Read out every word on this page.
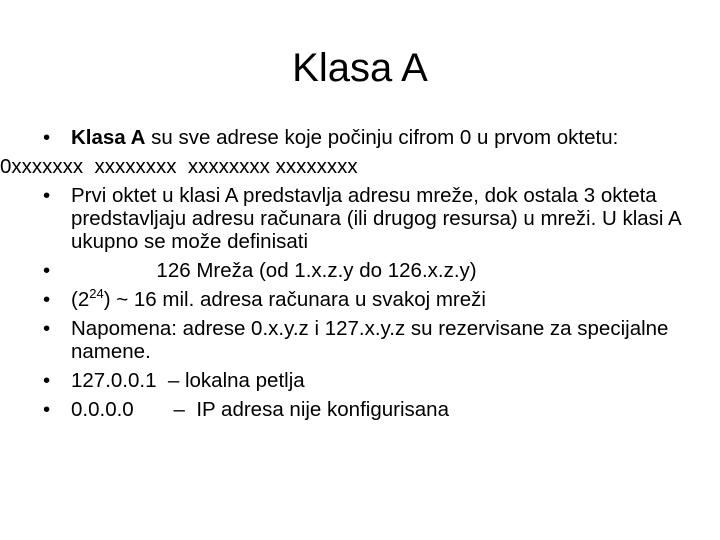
Klasa A
• Klasa A su sve adrese koje počinju cifrom 0 u prvom oktetu:
0xxxxxxx  xxxxxxxx  xxxxxxxx xxxxxxxx
• Prvi oktet u klasi A predstavlja adresu mreže, dok ostala 3 okteta predstavljaju adresu računara (ili drugog resursa) u mreži. U klasi A ukupno se može definisati
• 126 Mreža (od 1.x.z.y do 126.x.z.y)
• $(2^{24})$ ~ 16 mil. adresa računara u svakoj mreži
• Napomena: adrese 0.x.y.z i 127.x.y.z su rezervisane za specijalne namene.
• 127.0.0.1  – lokalna petlja
• 0.0.0.0       –  IP adresa nije konfigurisana
